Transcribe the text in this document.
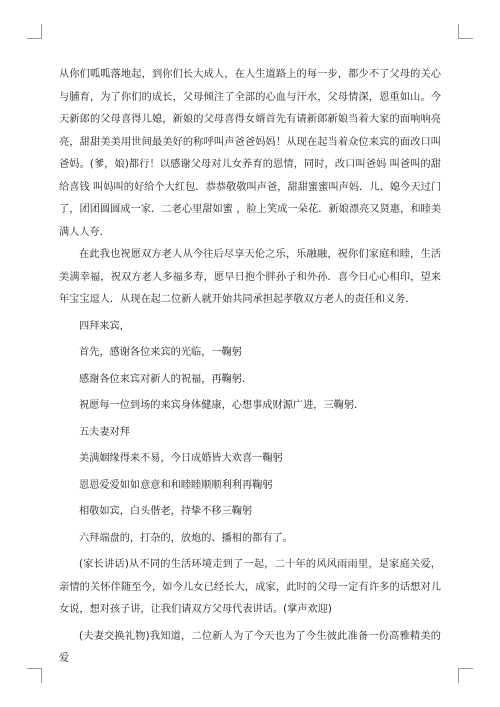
从你们呱呱落地起，到你们长大成人，在人生道路上的每一步，都少不了父母的关心与脯育，为了你们的成长，父母倾注了全部的心血与汗水，父母情深，恩重如山。今天新郎的父母喜得儿媳，新娘的父母喜得女婿首先有请新郎新娘当着大家的面响响亮亮，甜甜美美用世间最美好的称呼叫声爸爸妈妈！从现在起当着众位来宾的面改口叫爸妈。(爹，娘)都行！以感谢父母对儿女养育的恩情，同时，改口叫爸妈 叫爸叫的甜给喜钱 叫妈叫的好给个大红包．恭恭敬敬叫声爸，甜甜蜜蜜叫声妈．儿、媳今天过门了，团团圆圆成一家．二老心里甜如蜜 ，脸上笑成一朵花．新娘漂亮又贤惠，和睦美满人人夸．

在此我也祝愿双方老人从今往后尽享天伦之乐，乐融融，祝你们家庭和睦，生活美满幸福，祝双方老人多福多寿，愿早日抱个胖孙子和外孙．喜今日心心相印，望来年宝宝逗人．从现在起二位新人就开始共同承担起孝敬双方老人的责任和义务．

四拜来宾，

首先，感谢各位来宾的光临，一鞠躬

感谢各位来宾对新人的祝福，再鞠躬．

祝愿每一位到场的来宾身体健康，心想事成财源广进，三鞠躬．

五夫妻对拜

美满姻缘得来不易，今日成婚皆大欢喜一鞠躬

恩恩爱爱如如意意和和睦睦顺顺利利再鞠躬

相敬如宾，白头偕老，持挚不移三鞠躬

六拜端盘的，打杂的，放炮的、播相的都有了。

(家长讲话)从不同的生活环境走到了一起，二十年的风风雨雨里，是家庭关爱，亲情的关怀伴随至今，如今儿女已经长大，成家，此时的父母一定有许多的话想对儿女说，想对孩子讲，让我们请双方父母代表讲话。(掌声欢迎)

(夫妻交换礼物)我知道，二位新人为了今天也为了今生彼此准备一份高雅精美的爱
